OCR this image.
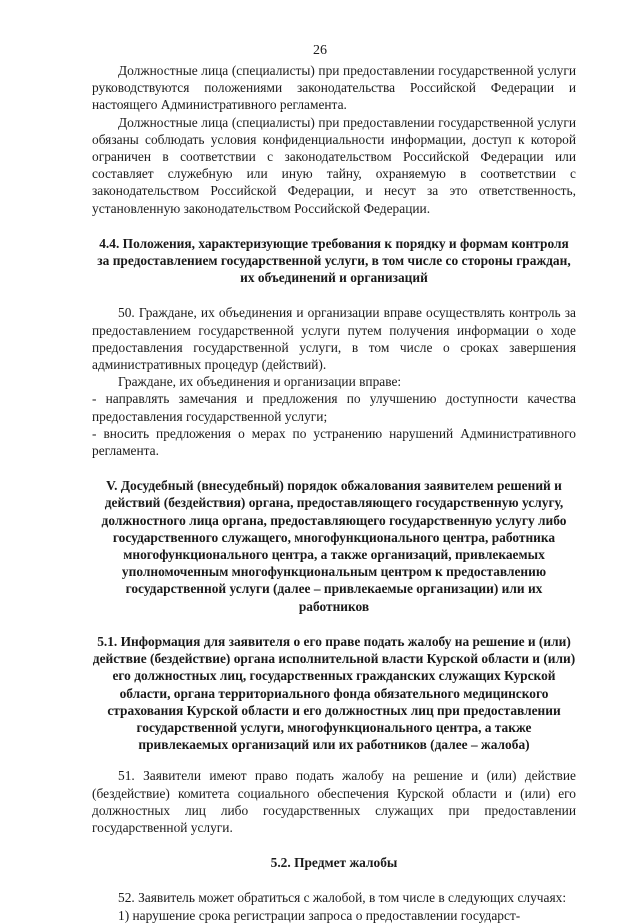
26

Должностные лица (специалисты) при предоставлении государственной услуги руководствуются положениями законодательства Российской Федерации и настоящего Административного регламента.

Должностные лица (специалисты) при предоставлении государственной услуги обязаны соблюдать условия конфиденциальности информации, доступ к которой ограничен в соответствии с законодательством Российской Федерации или составляет служебную или иную тайну, охраняемую в соответствии с законодательством Российской Федерации, и несут за это ответственность, установленную законодательством Российской Федерации.

4.4. Положения, характеризующие требования к порядку и формам контроля за предоставлением государственной услуги, в том числе со стороны граждан, их объединений и организаций

50. Граждане, их объединения и организации вправе осуществлять контроль за предоставлением государственной услуги путем получения информации о ходе предоставления государственной услуги, в том числе о сроках завершения административных процедур (действий).

Граждане, их объединения и организации вправе:

- направлять замечания и предложения по улучшению доступности качества предоставления государственной услуги;

- вносить предложения о мерах по устранению нарушений Административного регламента.

V. Досудебный (внесудебный) порядок обжалования заявителем решений и действий (бездействия) органа, предоставляющего государственную услугу, должностного лица органа, предоставляющего государственную услугу либо государственного служащего, многофункционального центра, работника многофункционального центра, а также организаций, привлекаемых уполномоченным многофункциональным центром к предоставлению государственной услуги (далее – привлекаемые организации) или их работников

5.1. Информация для заявителя о его праве подать жалобу на решение и (или) действие (бездействие) органа исполнительной власти Курской области и (или) его должностных лиц, государственных гражданских служащих Курской области, органа территориального фонда обязательного медицинского страхования Курской области и его должностных лиц при предоставлении государственной услуги, многофункционального центра, а также привлекаемых организаций или их работников (далее – жалоба)

51. Заявители имеют право подать жалобу на решение и (или) действие (бездействие) комитета социального обеспечения Курской области и (или) его должностных лиц либо государственных служащих при предоставлении государственной услуги.

5.2. Предмет жалобы

52. Заявитель может обратиться с жалобой, в том числе в следующих случаях:

1) нарушение срока регистрации запроса о предоставлении государст-
